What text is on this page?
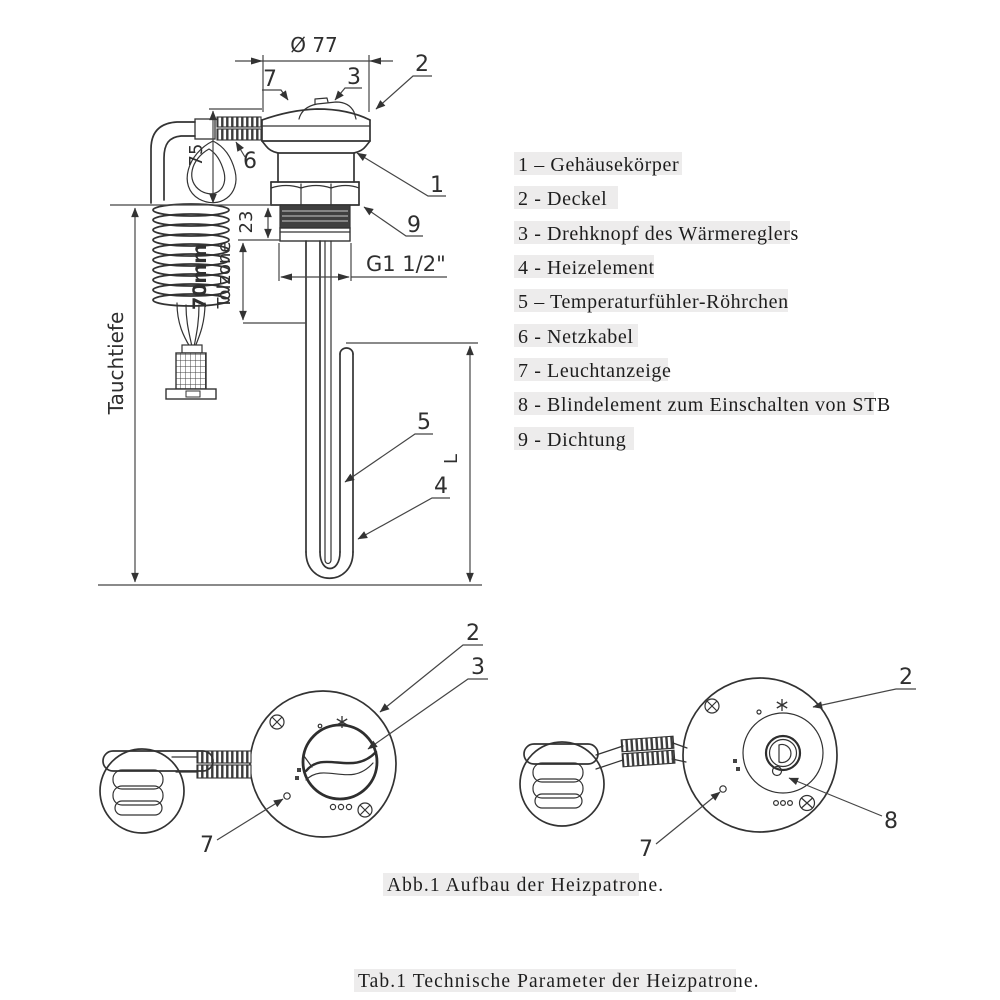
Ø 77
75
23
70mm Tolzone	G1 1/2"
Tauchtiefe
L
7	3
2
6
1
9
5
4
1 – Gehäusekörper
2 - Deckel
3 - Drehknopf des Wärmereglers
4 - Heizelement
5 – Temperaturfühler-Röhrchen
6 - Netzkabel
7 - Leuchtanzeige
8 - Blindelement zum Einschalten von STB
9 - Dichtung
2
3
7
2
8
7
Abb.1 Aufbau der Heizpatrone.
Tab.1 Technische Parameter der Heizpatrone.
